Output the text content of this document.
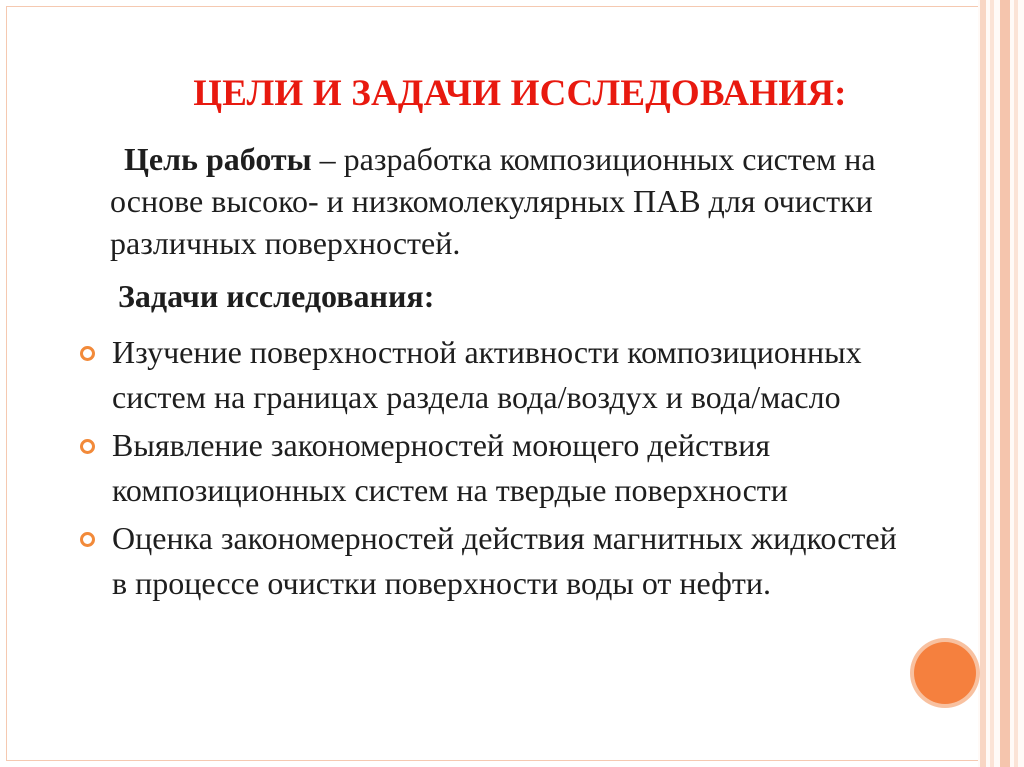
ЦЕЛИ И ЗАДАЧИ ИССЛЕДОВАНИЯ:
Цель работы – разработка композиционных систем на основе высоко- и низкомолекулярных ПАВ для очистки различных поверхностей.
Задачи исследования:
Изучение поверхностной активности композиционных систем на границах раздела вода/воздух и вода/масло
Выявление закономерностей моющего действия композиционных систем на твердые поверхности
Оценка закономерностей действия магнитных жидкостей в процессе очистки поверхности воды от нефти.
